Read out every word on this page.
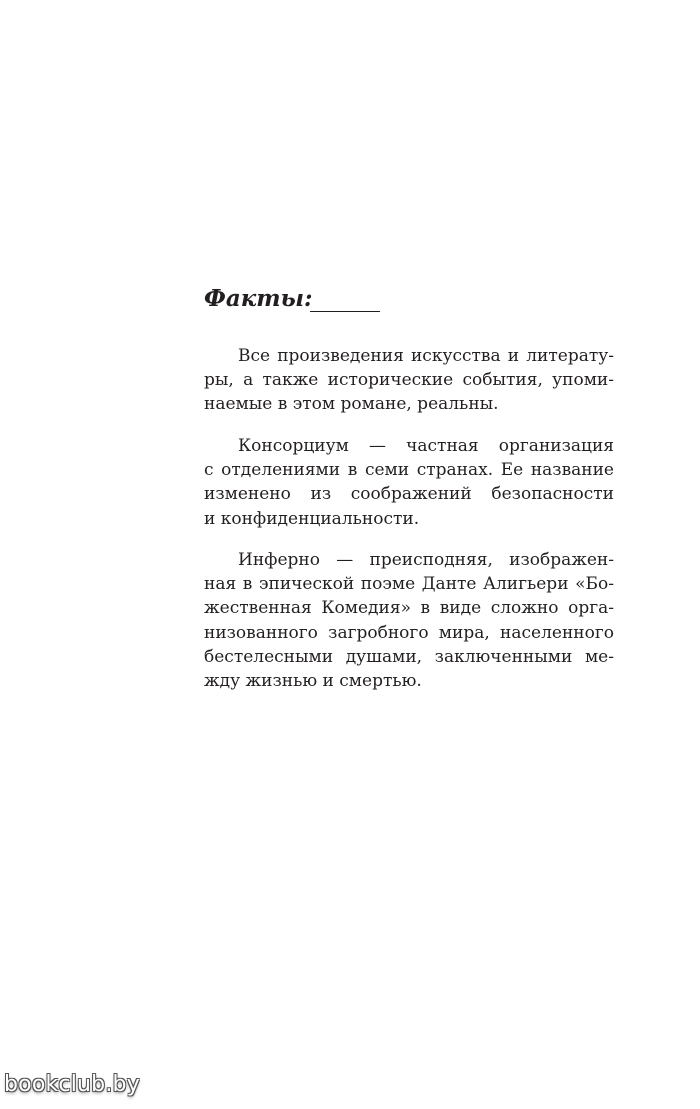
Факты:
Все произведения искусства и литерату-
ры, а также исторические события, упоми-
наемые в этом романе, реальны.
Консорциум — частная организация
с отделениями в семи странах. Ее название
изменено из соображений безопасности
и конфиденциальности.
Инферно — преисподняя, изображен-
ная в эпической поэме Данте Алигьери «Бо-
жественная Комедия» в виде сложно орга-
низованного загробного мира, населенного
бестелесными душами, заключенными ме-
жду жизнью и смертью.
bookclub.by
